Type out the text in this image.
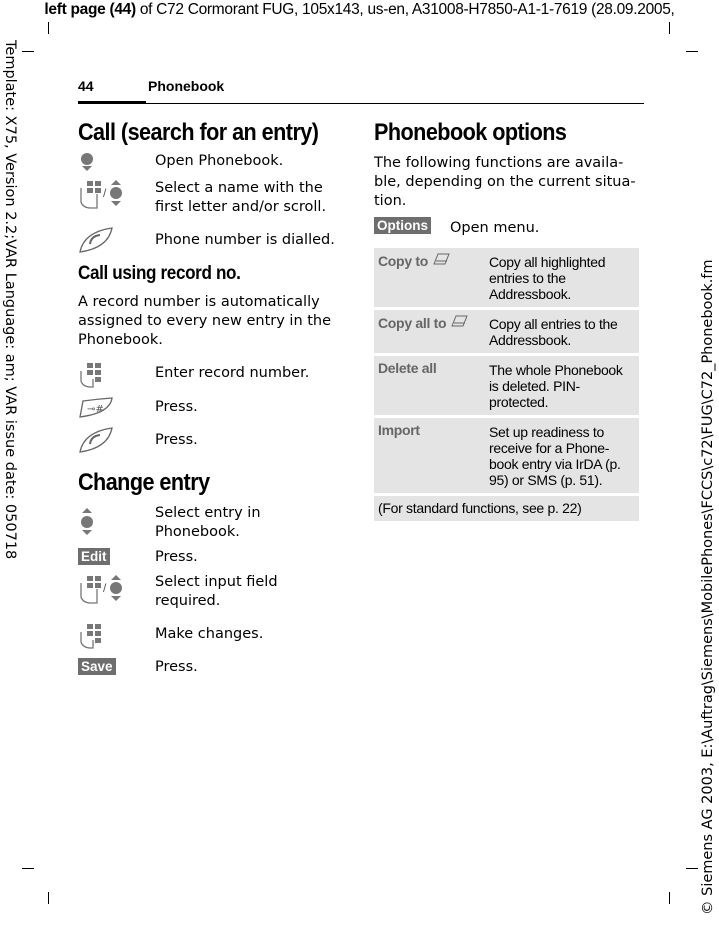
left page (44) of C72 Cormorant FUG, 105x143, us-en, A31008-H7850-A1-1-7619 (28.09.2005,
Template: X75, Version 2.2;VAR Language: am; VAR issue date: 050718	© Siemens AG 2003, E:\Auftrag\Siemens\MobilePhones\FCCS\c72\FUG\C72_Phonebook.fm
44	Phonebook
Call (search for an entry)
Open Phonebook.
/	Select a name with the first letter and/or scroll.
Phone number is dialled.
Call using record no.
A record number is automatically assigned to every new entry in the Phonebook.
Enter record number.
⊸#	Press.
Press.
Change entry
Select entry in Phonebook.
Edit	Press.
/	Select input field required.
Make changes.
Save	Press.
Phonebook options
The following functions are availa-ble, depending on the current situa-tion.
Options Open menu.
Copy to	Copy all highlighted entries to the Addressbook.
Copy all to	Copy all entries to the Addressbook.
Delete all	The whole Phonebook is deleted. PIN-protected.
Import	Set up readiness to receive for a Phone-book entry via IrDA (p. 95) or SMS (p. 51).
(For standard functions, see p. 22)	
